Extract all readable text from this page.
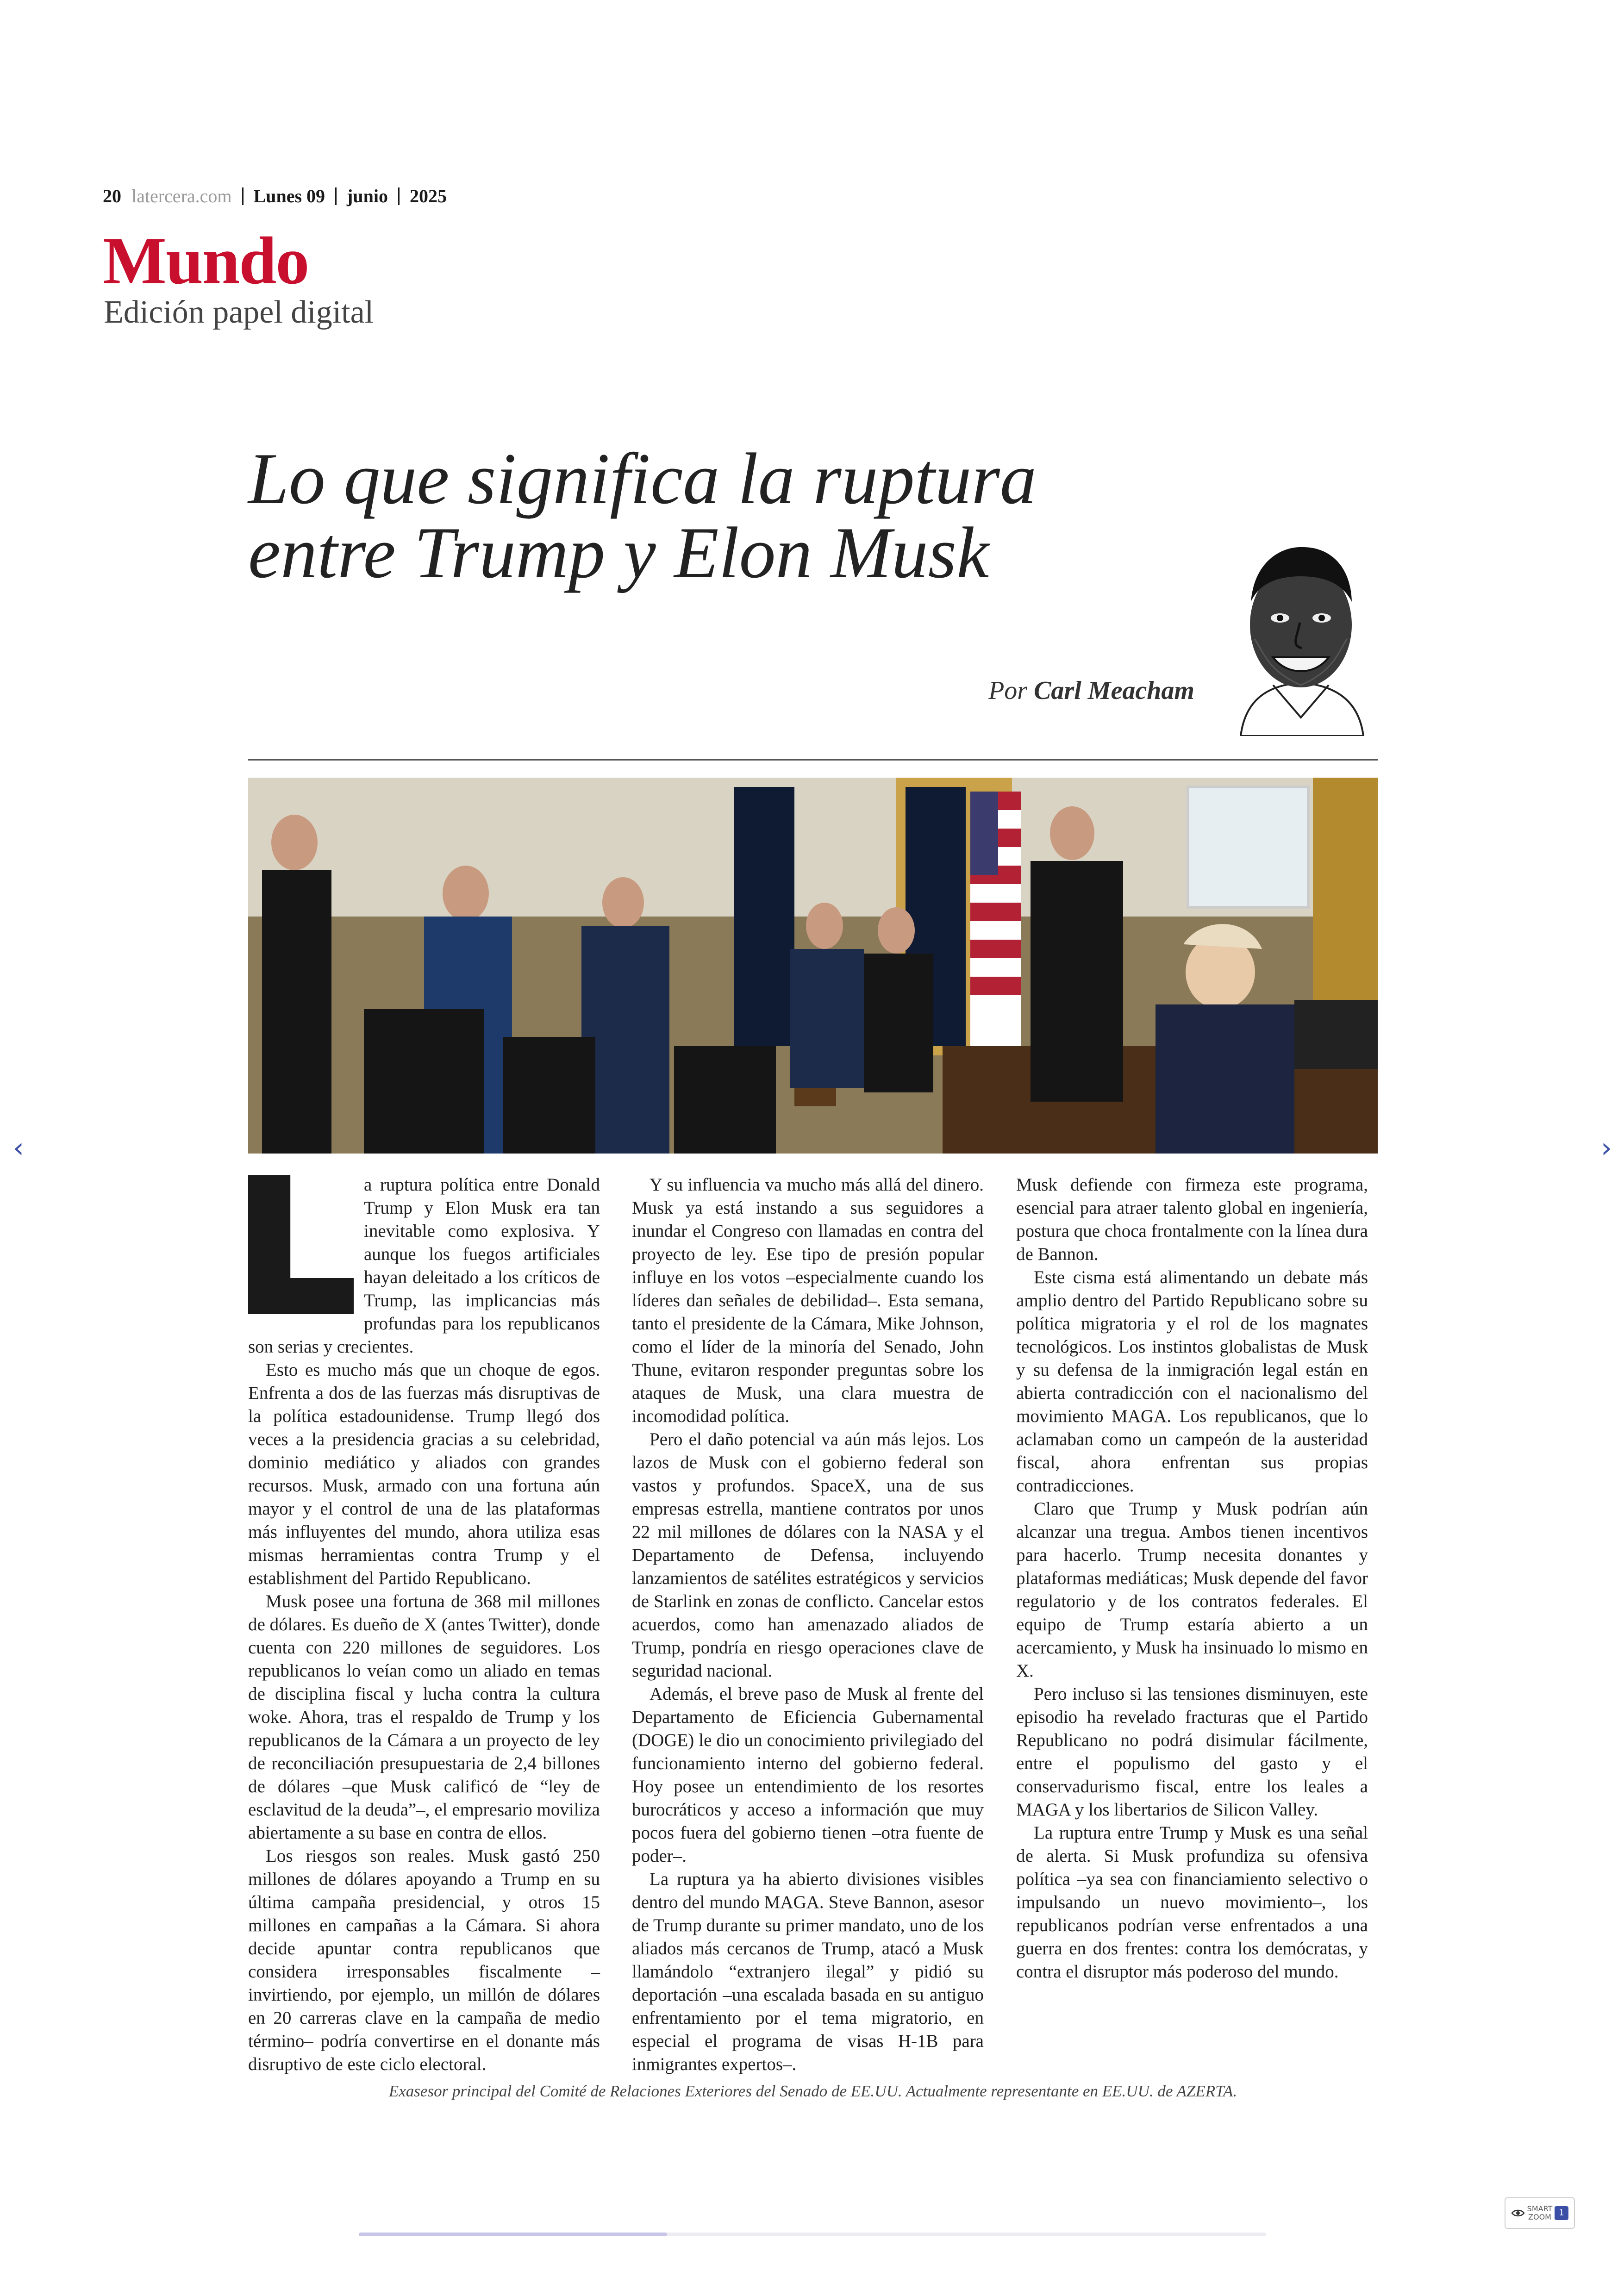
20 latercera.com Lunes 09 junio 2025
Mundo
Edición papel digital
Lo que significa la ruptura
entre Trump y Elon Musk
Por Carl Meacham
‹	›

a ruptura política entre Donald Trump y Elon Musk era tan inevitable como explosiva. Y aunque los fuegos artificiales hayan deleitado a los críticos de Trump, las implicancias más profundas para los republicanos son serias y crecientes.

Esto es mucho más que un choque de egos. Enfrenta a dos de las fuerzas más disruptivas de la política estadounidense. Trump llegó dos veces a la presidencia gracias a su celebridad, dominio mediático y aliados con grandes recursos. Musk, armado con una fortuna aún mayor y el control de una de las plataformas más influyentes del mundo, ahora utiliza esas mismas herramientas contra Trump y el establishment del Partido Republicano.

Musk posee una fortuna de 368 mil millones de dólares. Es dueño de X (antes Twitter), donde cuenta con 220 millones de seguidores. Los republicanos lo veían como un aliado en temas de disciplina fiscal y lucha contra la cultura woke. Ahora, tras el respaldo de Trump y los republicanos de la Cámara a un proyecto de ley de reconciliación presupuestaria de 2,4 billones de dólares –que Musk calificó de “ley de esclavitud de la deuda”–, el empresario moviliza abiertamente a su base en contra de ellos.

Los riesgos son reales. Musk gastó 250 millones de dólares apoyando a Trump en su última campaña presidencial, y otros 15 millones en campañas a la Cámara. Si ahora decide apuntar contra republicanos que considera irresponsables fiscalmente –invirtiendo, por ejemplo, un millón de dólares en 20 carreras clave en la campaña de medio término– podría convertirse en el donante más disruptivo de este ciclo electoral.

Y su influencia va mucho más allá del dinero. Musk ya está instando a sus seguidores a inundar el Congreso con llamadas en contra del proyecto de ley. Ese tipo de presión popular influye en los votos –especialmente cuando los líderes dan señales de debilidad–. Esta semana, tanto el presidente de la Cámara, Mike Johnson, como el líder de la minoría del Senado, John Thune, evitaron responder preguntas sobre los ataques de Musk, una clara muestra de incomodidad política.

Pero el daño potencial va aún más lejos. Los lazos de Musk con el gobierno federal son vastos y profundos. SpaceX, una de sus empresas estrella, mantiene contratos por unos 22 mil millones de dólares con la NASA y el Departamento de Defensa, incluyendo lanzamientos de satélites estratégicos y servicios de Starlink en zonas de conflicto. Cancelar estos acuerdos, como han amenazado aliados de Trump, pondría en riesgo operaciones clave de seguridad nacional.

Además, el breve paso de Musk al frente del Departamento de Eficiencia Gubernamental (DOGE) le dio un conocimiento privilegiado del funcionamiento interno del gobierno federal. Hoy posee un entendimiento de los resortes burocráticos y acceso a información que muy pocos fuera del gobierno tienen –otra fuente de poder–.

La ruptura ya ha abierto divisiones visibles dentro del mundo MAGA. Steve Bannon, asesor de Trump durante su primer mandato, uno de los aliados más cercanos de Trump, atacó a Musk llamándolo “extranjero ilegal” y pidió su deportación –una escalada basada en su antiguo enfrentamiento por el tema migratorio, en especial el programa de visas H-1B para inmigrantes expertos–.

Musk defiende con firmeza este programa, esencial para atraer talento global en ingeniería, postura que choca frontalmente con la línea dura de Bannon.

Este cisma está alimentando un debate más amplio dentro del Partido Republicano sobre su política migratoria y el rol de los magnates tecnológicos. Los instintos globalistas de Musk y su defensa de la inmigración legal están en abierta contradicción con el nacionalismo del movimiento MAGA. Los republicanos, que lo aclamaban como un campeón de la austeridad fiscal, ahora enfrentan sus propias contradicciones.

Claro que Trump y Musk podrían aún alcanzar una tregua. Ambos tienen incentivos para hacerlo. Trump necesita donantes y plataformas mediáticas; Musk depende del favor regulatorio y de los contratos federales. El equipo de Trump estaría abierto a un acercamiento, y Musk ha insinuado lo mismo en X.

Pero incluso si las tensiones disminuyen, este episodio ha revelado fracturas que el Partido Republicano no podrá disimular fácilmente, entre el populismo del gasto y el conservadurismo fiscal, entre los leales a MAGA y los libertarios de Silicon Valley.

La ruptura entre Trump y Musk es una señal de alerta. Si Musk profundiza su ofensiva política –ya sea con financiamiento selectivo o impulsando un nuevo movimiento–, los republicanos podrían verse enfrentados a una guerra en dos frentes: contra los demócratas, y contra el disruptor más poderoso del mundo.

Exasesor principal del Comité de Relaciones Exteriores del Senado de EE.UU. Actualmente representante en EE.UU. de AZERTA.
SMART
ZOOM 1
